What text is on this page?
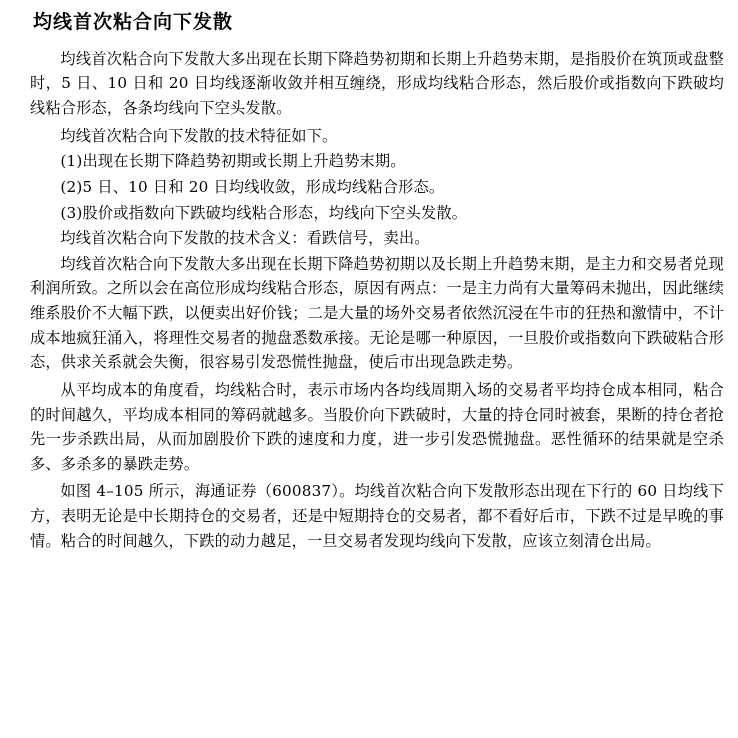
均线首次粘合向下发散

均线首次粘合向下发散大多出现在长期下降趋势初期和长期上升趋势末期，是指股价在筑顶或盘整时，5 日、10 日和 20 日均线逐渐收敛并相互缠绕，形成均线粘合形态，然后股价或指数向下跌破均线粘合形态，各条均线向下空头发散。

均线首次粘合向下发散的技术特征如下。

(1)出现在长期下降趋势初期或长期上升趋势末期。

(2)5 日、10 日和 20 日均线收敛，形成均线粘合形态。

(3)股价或指数向下跌破均线粘合形态，均线向下空头发散。

均线首次粘合向下发散的技术含义：看跌信号，卖出。

均线首次粘合向下发散大多出现在长期下降趋势初期以及长期上升趋势末期，是主力和交易者兑现利润所致。之所以会在高位形成均线粘合形态，原因有两点：一是主力尚有大量筹码未抛出，因此继续维系股价不大幅下跌，以便卖出好价钱；二是大量的场外交易者依然沉浸在牛市的狂热和激情中，不计成本地疯狂涌入，将理性交易者的抛盘悉数承接。无论是哪一种原因，一旦股价或指数向下跌破粘合形态，供求关系就会失衡，很容易引发恐慌性抛盘，使后市出现急跌走势。

从平均成本的角度看，均线粘合时，表示市场内各均线周期入场的交易者平均持仓成本相同，粘合的时间越久，平均成本相同的筹码就越多。当股价向下跌破时，大量的持仓同时被套，果断的持仓者抢先一步杀跌出局，从而加剧股价下跌的速度和力度，进一步引发恐慌抛盘。恶性循环的结果就是空杀多、多杀多的暴跌走势。

如图 4–105 所示，海通证券（600837）。均线首次粘合向下发散形态出现在下行的 60 日均线下方，表明无论是中长期持仓的交易者，还是中短期持仓的交易者，都不看好后市，下跌不过是早晚的事情。粘合的时间越久，下跌的动力越足，一旦交易者发现均线向下发散，应该立刻清仓出局。
